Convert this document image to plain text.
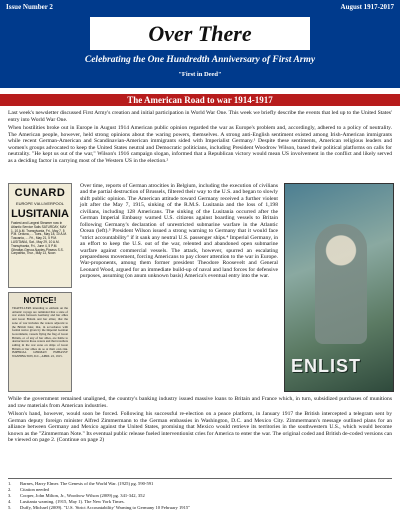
Issue Number 2	August 1917-2017
Over There
Celebrating the One Hundredth Anniversary of First Army
"First in Deed"
The American Road to war 1914-1917

Last week's newsletter discussed First Army's creation and initial participation in World War One. This week we briefly describe the events that led up to the United States' entry into World War One.

When hostilities broke out in Europe in August 1914 American public opinion regarded the war as Europe's problem and, accordingly, adhered to a policy of neutrality. The American people, however, held strong opinions about the waring powers, themselves. A strong anti-English sentiment existed among Irish-American immigrants while recent German-American and Scandinavian-American immigrants sided with Imperialist Germany.¹ Despite these sentiments, American religious leaders and women's groups advocated to keep the United States neutral and Democratic politicians, including President Woodrow Wilson, based their political platforms on calls for neutrality. "He kept us out of the war," Wilson's 1916 campaign slogan, informed that a Republican victory would mean US involvement in the conflict and likely served as a deciding factor in carrying most of the Western US in the election.²

CUNARD
EUROPE VIA LIVERPOOL
LUSITANIA
Fastest and Largest Steamer now in Atlantic Service Sails SATURDAY, MAY 1, 10 A.M. Transylvania, Fri., May 7, 5 P.M. Orduna, - - Tues., May 18, 10 A.M. Tuscania, - - Fri., May 21, 5 P.M. LUSITANIA, Sat., May 29, 10 A.M. Transylvania, Fri., June 4, 5 P.M. Gibraltar-Genoa-Naples-Piraeus S.S. Carpathia, Thur., May 13, Noon
NOTICE!
TRAVELLERS intending to embark on the Atlantic voyage are reminded that a state of war exists between Germany and her allies and Great Britain and her allies; that the zone of war includes the waters adjacent to the British Isles; that, in accordance with formal notice given by the Imperial German Government, vessels flying the flag of Great Britain, or of any of her allies, are liable to destruction in those waters and that travellers sailing in the war zone on ships of Great Britain or her allies do so at their own risk. IMPERIAL GERMAN EMBASSY WASHINGTON, D.C., APRIL 22, 1915.

Over time, reports of German atrocities in Belgium, including the execution of civilians and the partial destruction of Brussels, filtered their way to the U.S. and began to slowly shift public opinion. The American attitude toward Germany received a further violent jolt after the May 7, 1915, sinking of the R.M.S. Lusitania and the loss of 1,198 civilians, including 128 Americans. The sinking of the Lusitania occurred after the German Imperial Embassy warned U.S. citizens against boarding vessels to Britain following Germany's declaration of unrestricted submarine warfare in the Atlantic Ocean (left).³ President Wilson issued a strong warning to Germany that it would face "strict accountability" if it sank any neutral U.S. passenger ships.⁴ Imperial Germany, in an effort to keep the U.S. out of the war, relented and abandoned open submarine warfare against commercial vessels. The attack, however, spurred an escalating preparedness movement, forcing Americans to pay closer attention to the war in Europe. War-proponents, among them former president Theodore Roosevelt and General Leonard Wood, argued for an immediate build-up of naval and land forces for defensive purposes, assuming (on anum unknown basis) America's eventual entry into the war.

ENLIST

While the government remained unaligned, the country's banking industry issued massive loans to Britain and France which, in turn, subsidized purchases of munitions and raw materials from American industries.

Wilson's hand, however, would soon be forced. Following his successful re-election on a peace platform, in January 1917 the British intercepted a telegram sent by German deputy foreign minister Alfred Zimmermann to the German embassies in Washington, D.C. and Mexico City. Zimmermann's message outlined plans for an alliance between Germany and Mexico against the United States, promising that Mexico would retrieve its territories in the southwestern U.S., which would become known as the "Zimmerman Note." Its eventual public release fueled interventionist cries for America to enter the war. The original coded and British de-coded versions can be viewed on page 2. (Continue on page 2)

1.	Barnes, Harry Elmer. The Genesis of the World War. (1925) pg. 590-591
2.	Citation needed
3.	Cooper, John Milton, Jr., Woodrow Wilson (2009) pg. 341-342, 352
4.	Lusitania warning. (1915, May 1). The New York Times.
5.	Duffy, Michael (2009). "U.S. 'Strict Accountability' Warning to Germany 10 February 1915"
